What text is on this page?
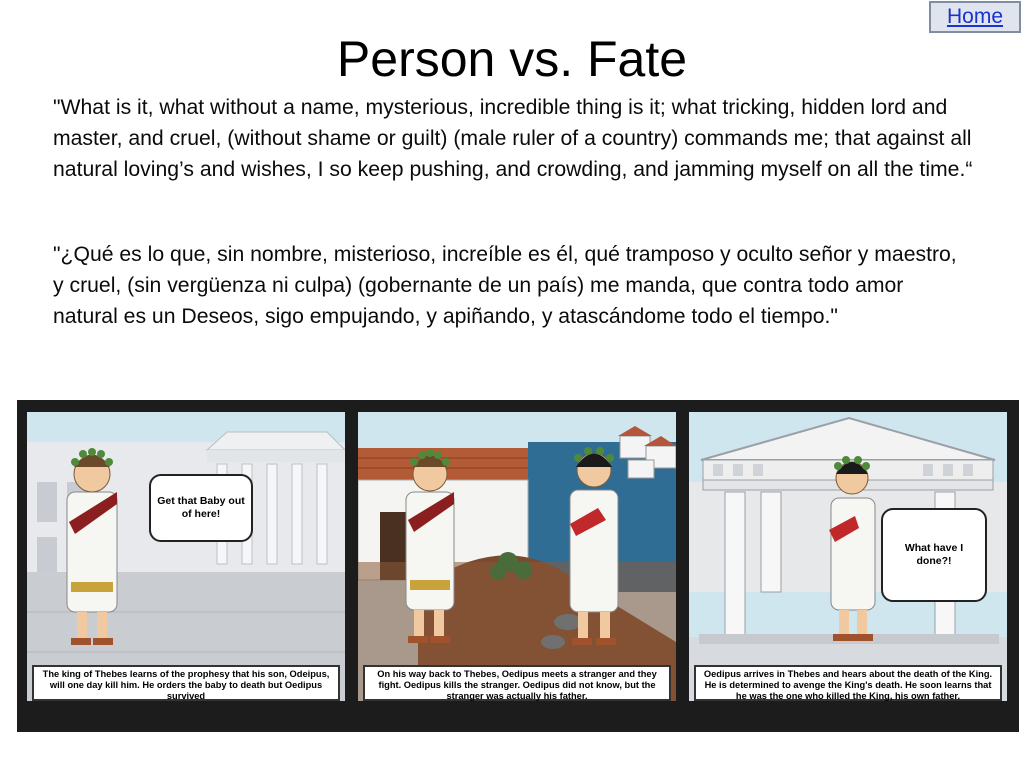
Home
Person vs. Fate

"What is it, what without a name, mysterious, incredible thing is it; what tricking, hidden lord and master, and cruel, (without shame or guilt) (male ruler of a country) commands me; that against all natural loving’s and wishes, I so keep pushing, and crowding, and jamming myself on all the time.“

"¿Qué es lo que, sin nombre, misterioso, increíble es él, qué tramposo y oculto señor y maestro, y cruel, (sin vergüenza ni culpa) (gobernante de un país) me manda, que contra todo amor natural es un Deseos, sigo empujando, y apiñando, y atascándome todo el tiempo."

Get that Baby out of here!
The king of Thebes learns of the prophesy that his son, Odeipus, will one day kill him. He orders the baby to death but Oedipus survived
On his way back to Thebes, Oedipus meets a stranger and they fight. Oedipus kills the stranger. Oedipus did not know, but the stranger was actually his father.
What have I done?!
Oedipus arrives in Thebes and hears about the death of the King. He is determined to avenge the King's death. He soon learns that he was the one who killed the King, his own father.
